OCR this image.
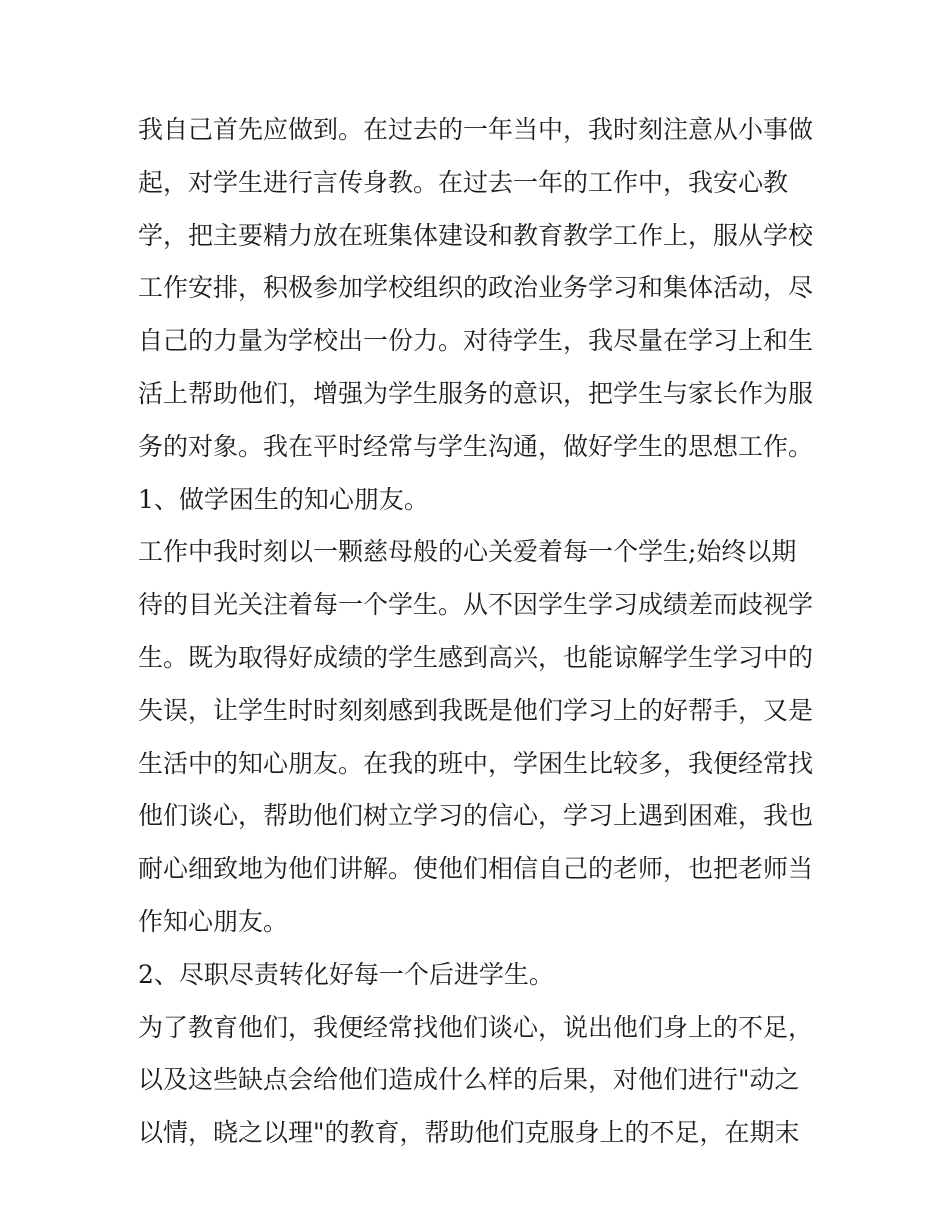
我自己首先应做到。在过去的一年当中，我时刻注意从小事做
起，对学生进行言传身教。在过去一年的工作中，我安心教
学，把主要精力放在班集体建设和教育教学工作上，服从学校
工作安排，积极参加学校组织的政治业务学习和集体活动，尽
自己的力量为学校出一份力。对待学生，我尽量在学习上和生
活上帮助他们，增强为学生服务的意识，把学生与家长作为服
务的对象。我在平时经常与学生沟通，做好学生的思想工作。
1、做学困生的知心朋友。
工作中我时刻以一颗慈母般的心关爱着每一个学生;始终以期
待的目光关注着每一个学生。从不因学生学习成绩差而歧视学
生。既为取得好成绩的学生感到高兴，也能谅解学生学习中的
失误，让学生时时刻刻感到我既是他们学习上的好帮手，又是
生活中的知心朋友。在我的班中，学困生比较多，我便经常找
他们谈心，帮助他们树立学习的信心，学习上遇到困难，我也
耐心细致地为他们讲解。使他们相信自己的老师，也把老师当
作知心朋友。
2、尽职尽责转化好每一个后进学生。
为了教育他们，我便经常找他们谈心，说出他们身上的不足，
以及这些缺点会给他们造成什么样的后果，对他们进行"动之
以情，晓之以理"的教育，帮助他们克服身上的不足，在期末
